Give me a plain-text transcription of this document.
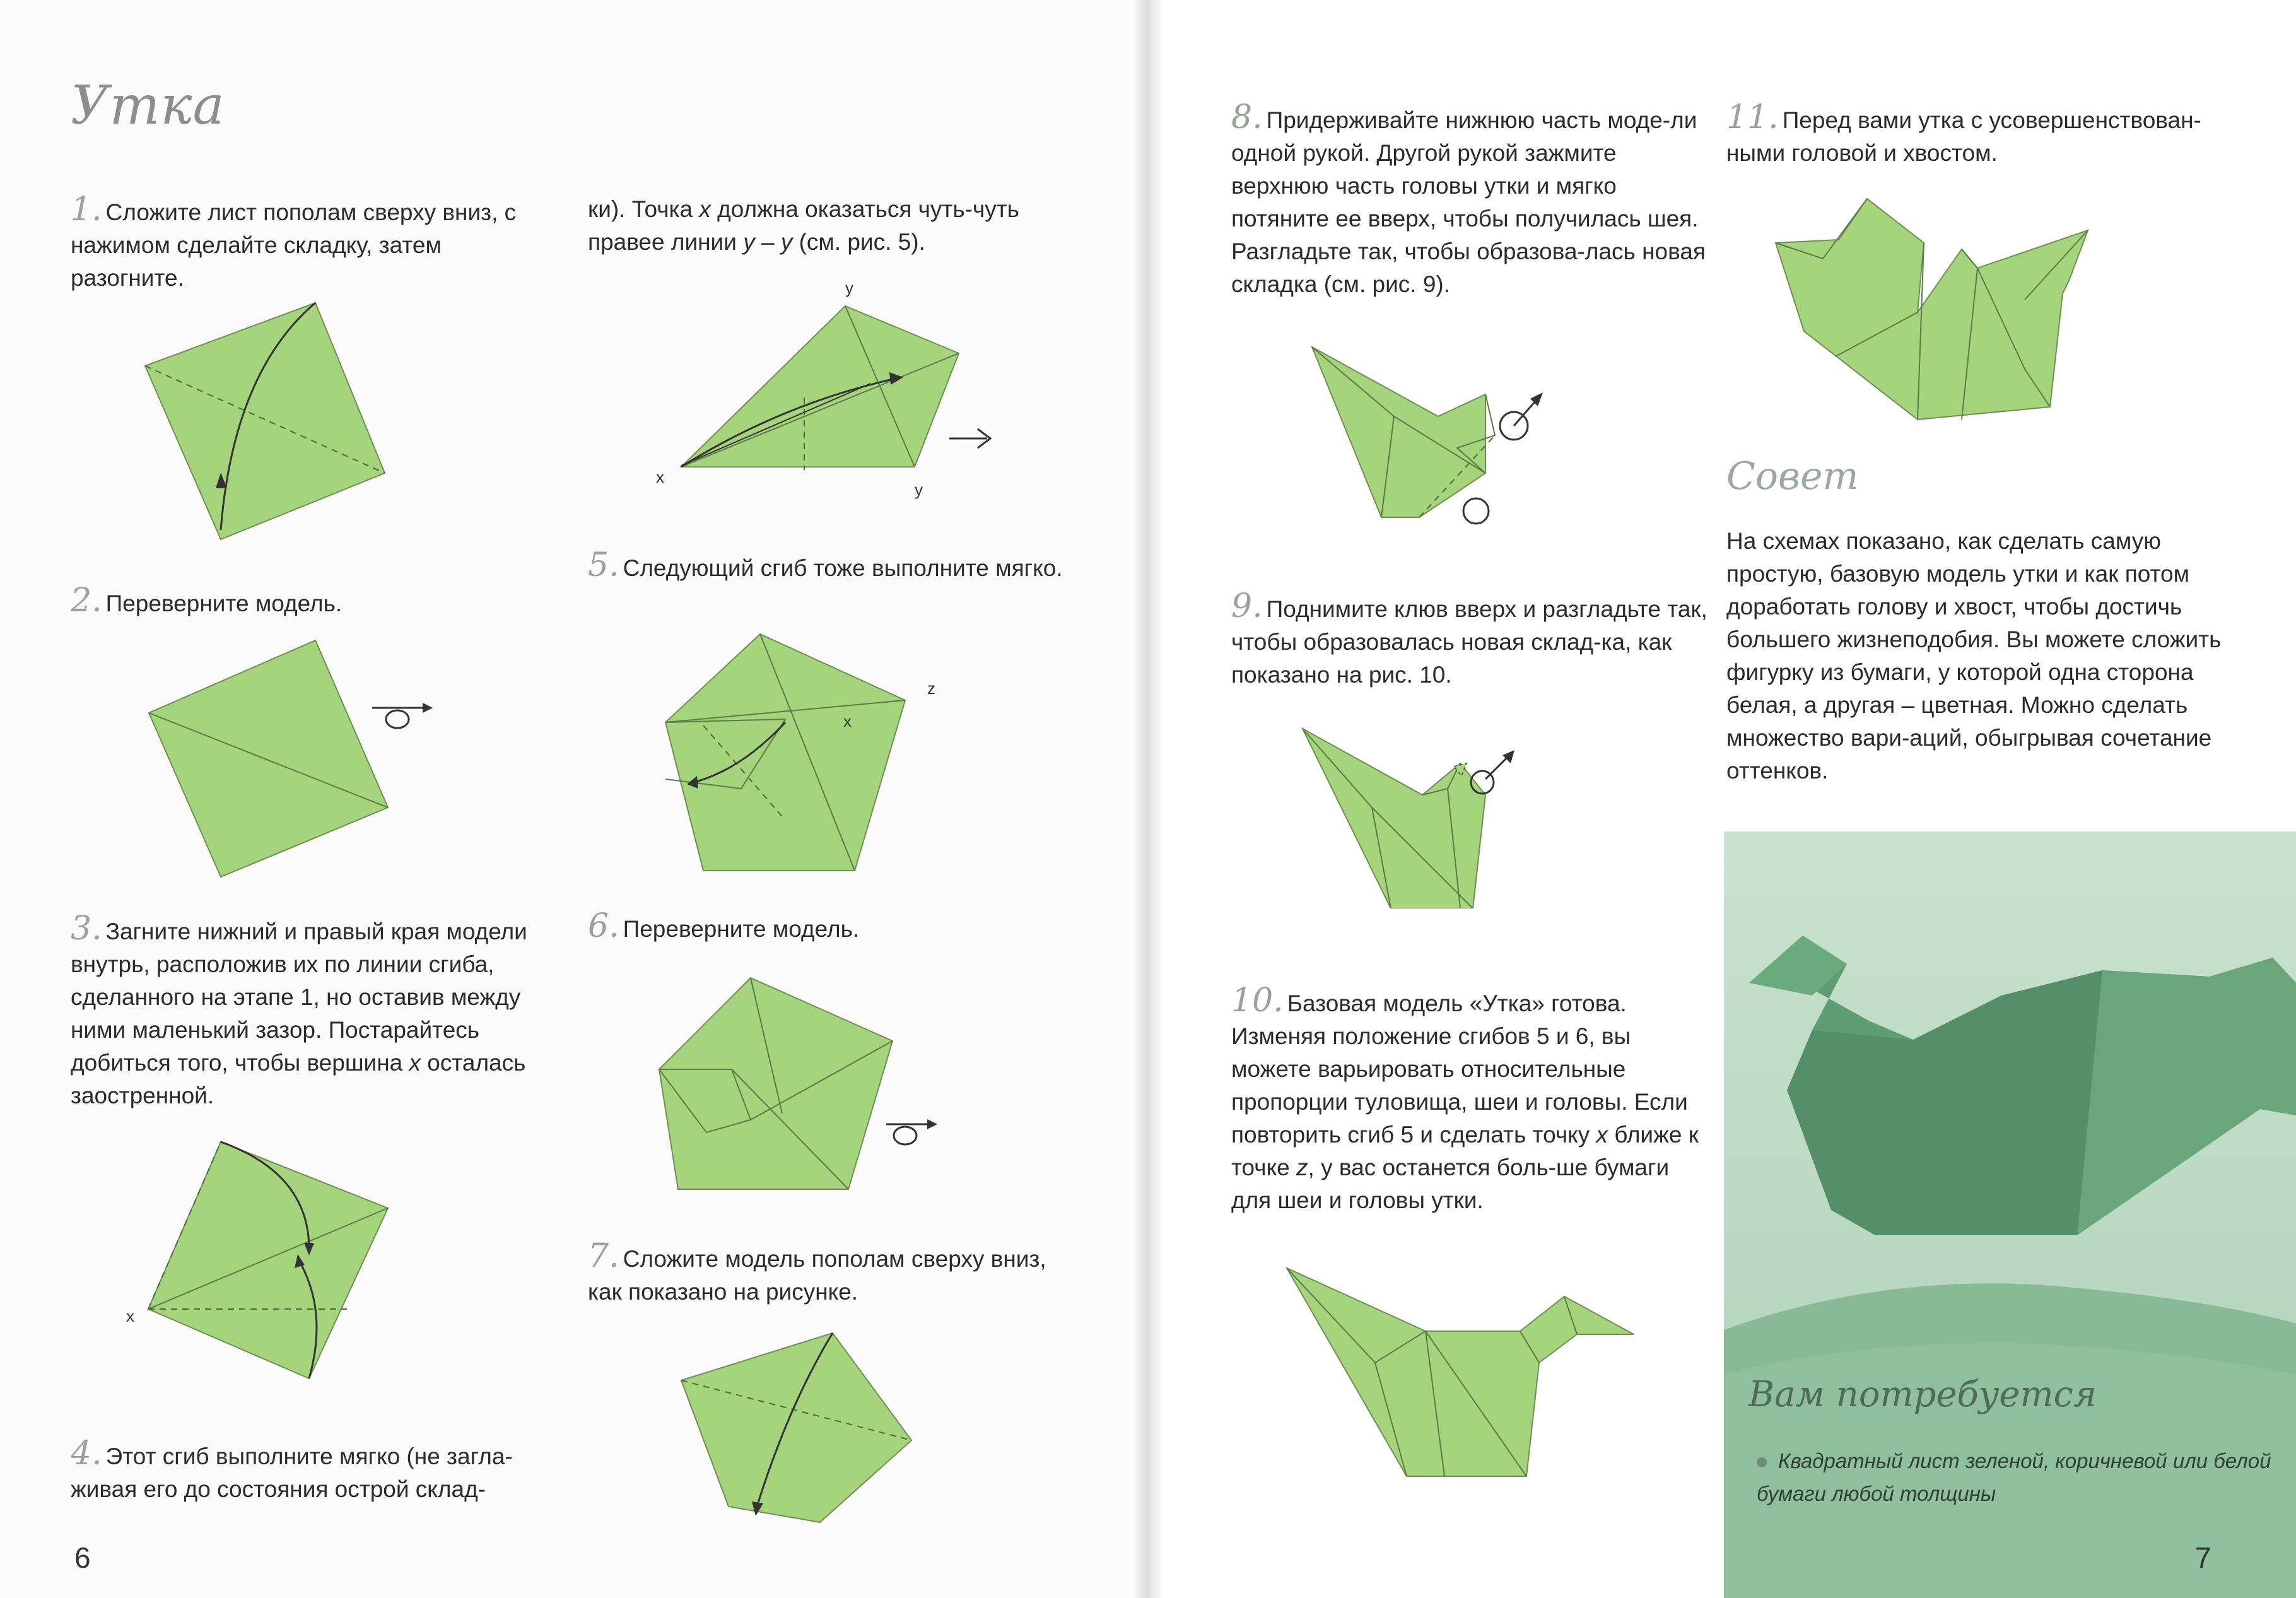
Утка
1. Сложите лист пополам сверху вниз, с нажимом сделайте складку, затем разогните.
2. Переверните модель.
3. Загните нижний и правый края модели внутрь, расположив их по линии сгиба, сделанного на этапе 1, но оставив между ними маленький зазор. Постарайтесь добиться того, чтобы вершина x осталась заостренной.
x
4. Этот сгиб выполните мягко (не загла-живая его до состояния острой склад-
ки). Точка x должна оказаться чуть-чуть правее линии y – y (см. рис. 5).
y
x
y
5. Следующий сгиб тоже выполните мягко.
x
z
6. Переверните модель.
7. Сложите модель пополам сверху вниз, как показано на рисунке.
6
8. Придерживайте нижнюю часть моде-ли одной рукой. Другой рукой зажмите верхнюю часть головы утки и мягко потяните ее вверх, чтобы получилась шея. Разгладьте так, чтобы образова-лась новая складка (см. рис. 9).
9. Поднимите клюв вверх и разгладьте так, чтобы образовалась новая склад-ка, как показано на рис. 10.
10. Базовая модель «Утка» готова. Изменяя положение сгибов 5 и 6, вы можете варьировать относительные пропорции туловища, шеи и головы. Если повторить сгиб 5 и сделать точку x ближе к точке z, у вас останется боль-ше бумаги для шеи и головы утки.
11. Перед вами утка с усовершенствован-ными головой и хвостом.
Совет
На схемах показано, как сделать самую простую, базовую модель утки и как потом доработать голову и хвост, чтобы достичь большего жизнеподобия. Вы можете сложить фигурку из бумаги, у которой одна сторона белая, а другая – цветная. Можно сделать множество вари-аций, обыгрывая сочетание оттенков.
Вам потребуется
Квадратный лист зеленой, коричневой или белой бумаги любой толщины
7
